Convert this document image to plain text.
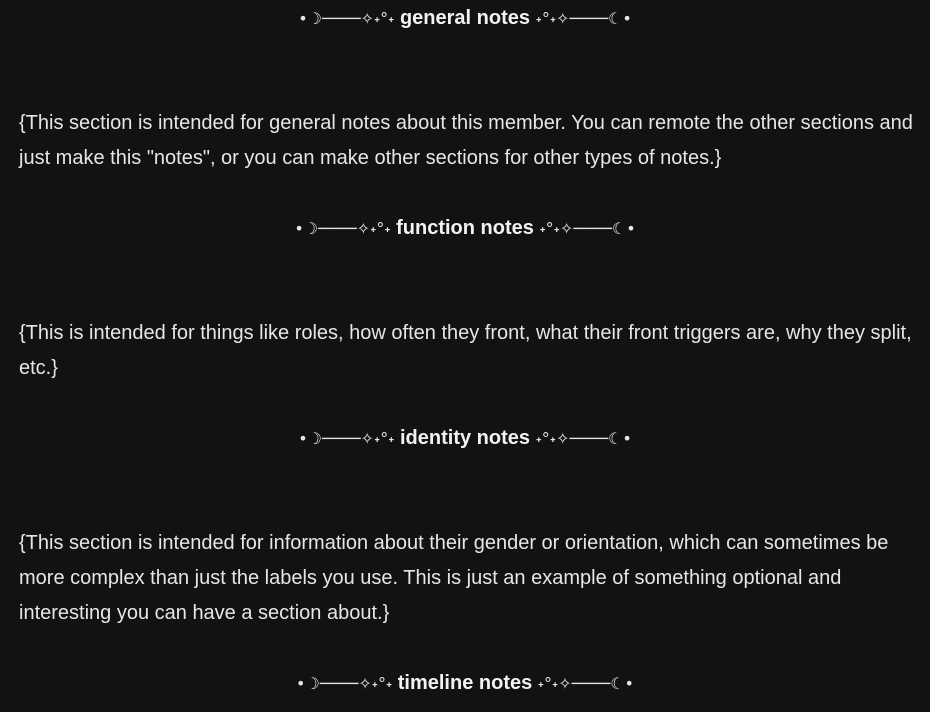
•☽────✧˖°˖ general notes ˖°˖✧────☾•
{This section is intended for general notes about this member. You can remote the other sections and just make this "notes", or you can make other sections for other types of notes.}
•☽────✧˖°˖ function notes ˖°˖✧────☾•
{This is intended for things like roles, how often they front, what their front triggers are, why they split, etc.}
•☽────✧˖°˖ identity notes ˖°˖✧────☾•
{This section is intended for information about their gender or orientation, which can sometimes be more complex than just the labels you use. This is just an example of something optional and interesting you can have a section about.}
•☽────✧˖°˖ timeline notes ˖°˖✧────☾•
